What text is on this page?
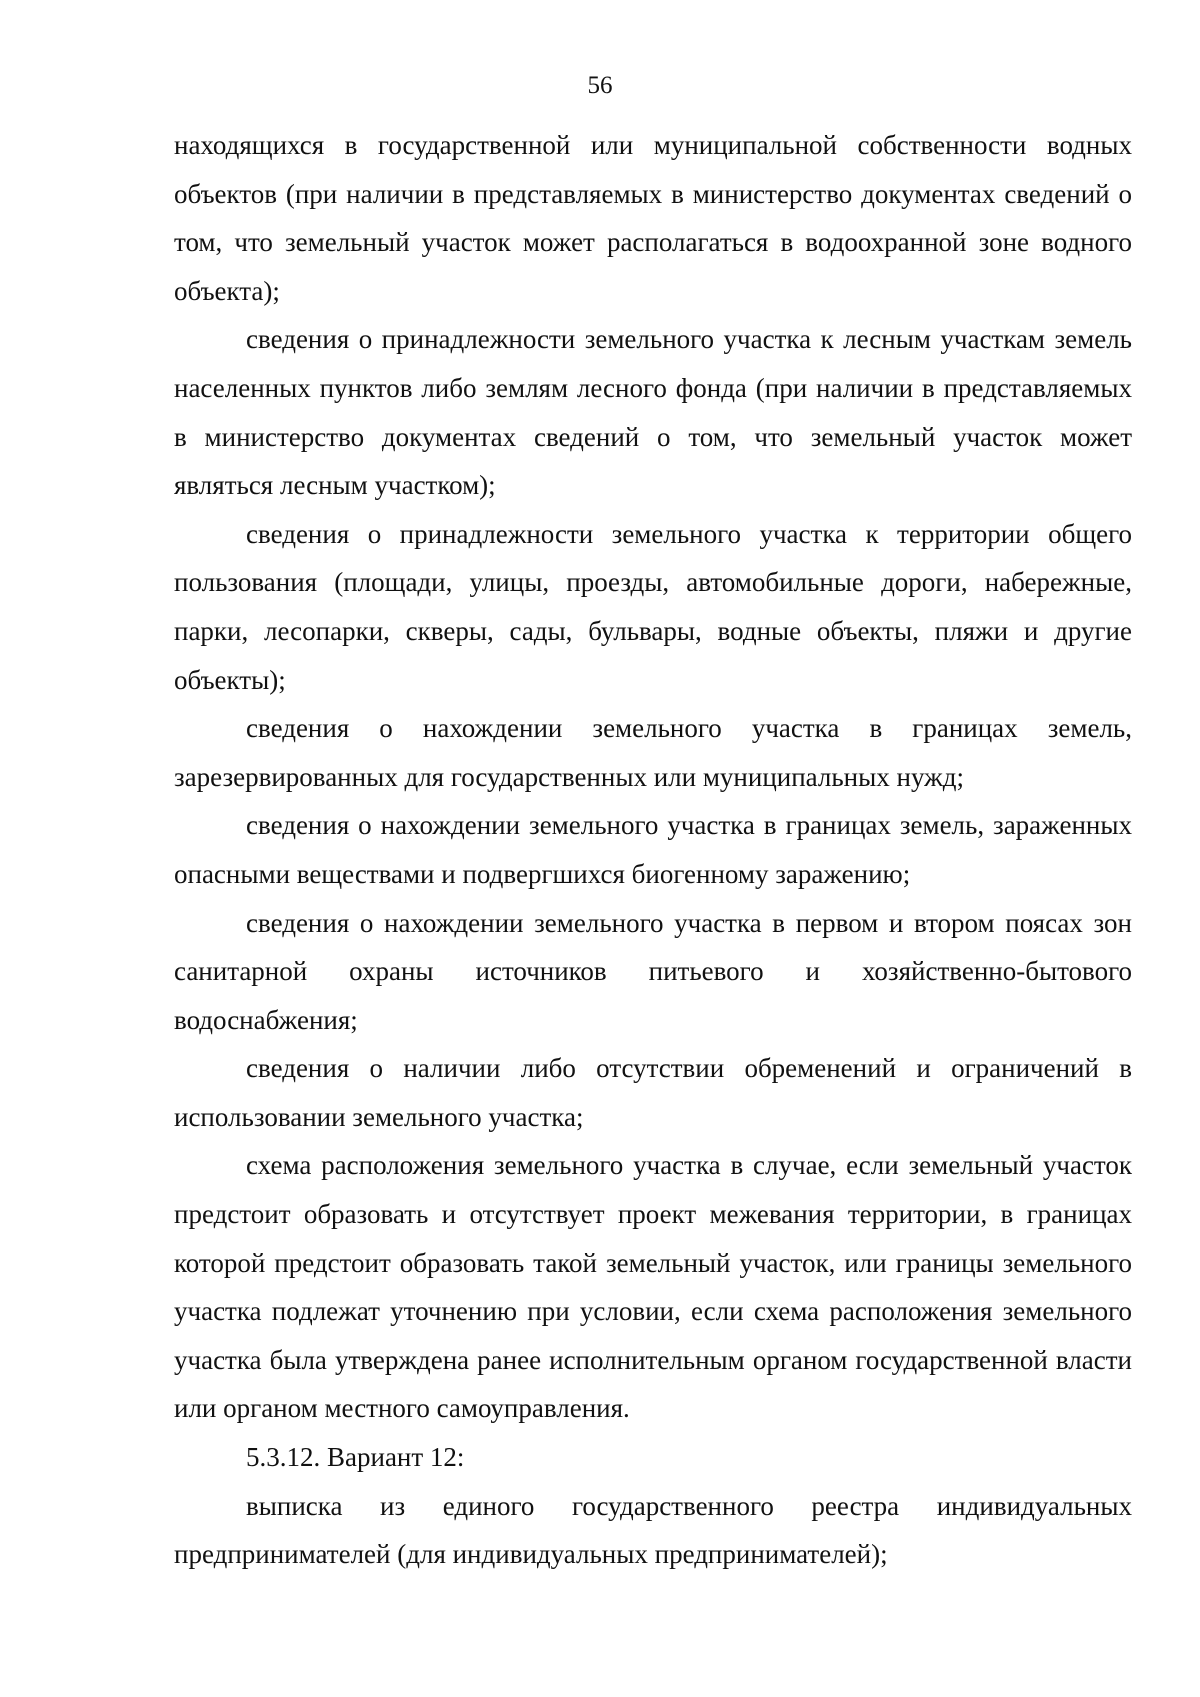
56

находящихся в государственной или муниципальной собственности водных объектов (при наличии в представляемых в министерство документах сведений о том, что земельный участок может располагаться в водоохранной зоне водного объекта);

сведения о принадлежности земельного участка к лесным участкам земель населенных пунктов либо землям лесного фонда (при наличии в представляемых в министерство документах сведений о том, что земельный участок может являться лесным участком);

сведения о принадлежности земельного участка к территории общего пользования (площади, улицы, проезды, автомобильные дороги, набережные, парки, лесопарки, скверы, сады, бульвары, водные объекты, пляжи и другие объекты);

сведения о нахождении земельного участка в границах земель, зарезервированных для государственных или муниципальных нужд;

сведения о нахождении земельного участка в границах земель, зараженных опасными веществами и подвергшихся биогенному заражению;

сведения о нахождении земельного участка в первом и втором поясах зон санитарной охраны источников питьевого и хозяйственно-бытового водоснабжения;

сведения о наличии либо отсутствии обременений и ограничений в использовании земельного участка;

схема расположения земельного участка в случае, если земельный участок предстоит образовать и отсутствует проект межевания территории, в границах которой предстоит образовать такой земельный участок, или границы земельного участка подлежат уточнению при условии, если схема расположения земельного участка была утверждена ранее исполнительным органом государственной власти или органом местного самоуправления.

5.3.12. Вариант 12:

выписка из единого государственного реестра индивидуальных предпринимателей (для индивидуальных предпринимателей);
